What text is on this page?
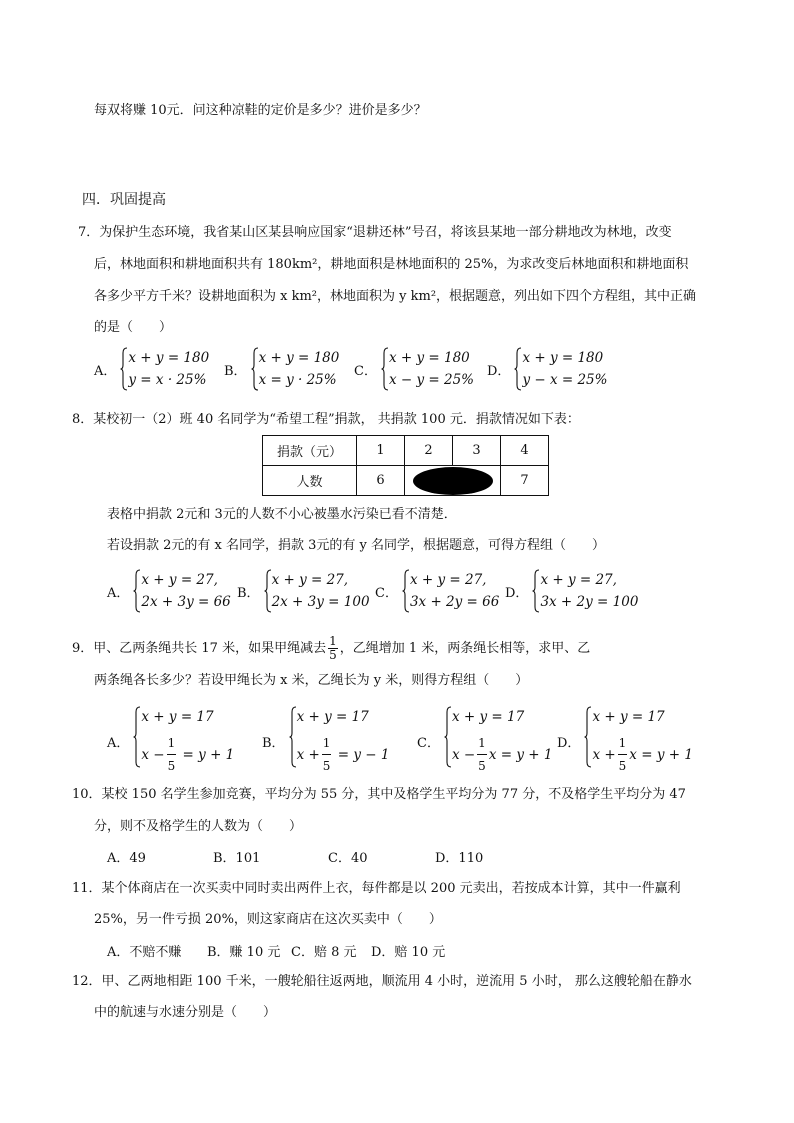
每双将赚 10元．问这种凉鞋的定价是多少？进价是多少？
四．巩固提高
7．为保护生态环境，我省某山区某县响应国家“退耕还林”号召，将该县某地一部分耕地改为林地，改变
后，林地面积和耕地面积共有 180km²，耕地面积是林地面积的 25%，为求改变后林地面积和耕地面积
各多少平方千米？设耕地面积为 x km²，林地面积为 y km²，根据题意，列出如下四个方程组，其中正确
的是（　　）
A．
x + y = 180
y = x · 25%
B．
x + y = 180
x = y · 25%
C．
x + y = 180
x − y = 25%
D．
x + y = 180
y − x = 25%
8．某校初一（2）班 40 名同学为“希望工程”捐款， 共捐款 100 元．捐款情况如下表：
捐款（元）	1	2	3	4
人数	6			7
表格中捐款 2元和 3元的人数不小心被墨水污染已看不清楚．
若设捐款 2元的有 x 名同学，捐款 3元的有 y 名同学，根据题意，可得方程组（　　）
A．
x + y = 27,
2x + 3y = 66
B．
x + y = 27,
2x + 3y = 100
C．
x + y = 27,
3x + 2y = 66
D．
x + y = 27,
3x + 2y = 100
9．甲、乙两条绳共长 17 米，如果甲绳减去 $\frac{1}{5}$ ，乙绳增加 1 米，两条绳长相等，求甲、乙
两条绳各长多少？若设甲绳长为 x 米，乙绳长为 y 米，则得方程组（　　）
A．
x + y = 17
$x - \frac{1}{5}$
= y + 1
B．
x + y = 17
$x + \frac{1}{5}$
= y − 1
C．
x + y = 17
$x - \frac{1}{5}$ x
= y + 1
D．
x + y = 17
$x + \frac{1}{5}$ x
= y + 1
10．某校 150 名学生参加竞赛，平均分为 55 分，其中及格学生平均分为 77 分，不及格学生平均分为 47
分，则不及格学生的人数为（　　）
A．49	B．101	C．40	D．110
11．某个体商店在一次买卖中同时卖出两件上衣，每件都是以 200 元卖出，若按成本计算，其中一件赢利
25%，另一件亏损 20%，则这家商店在这次买卖中（　　）
A．不赔不赚	B．赚 10 元 C．赔 8 元	D．赔 10 元
12．甲、乙两地相距 100 千米，一艘轮船往返两地，顺流用 4 小时，逆流用 5 小时， 那么这艘轮船在静水
中的航速与水速分别是（　　）
